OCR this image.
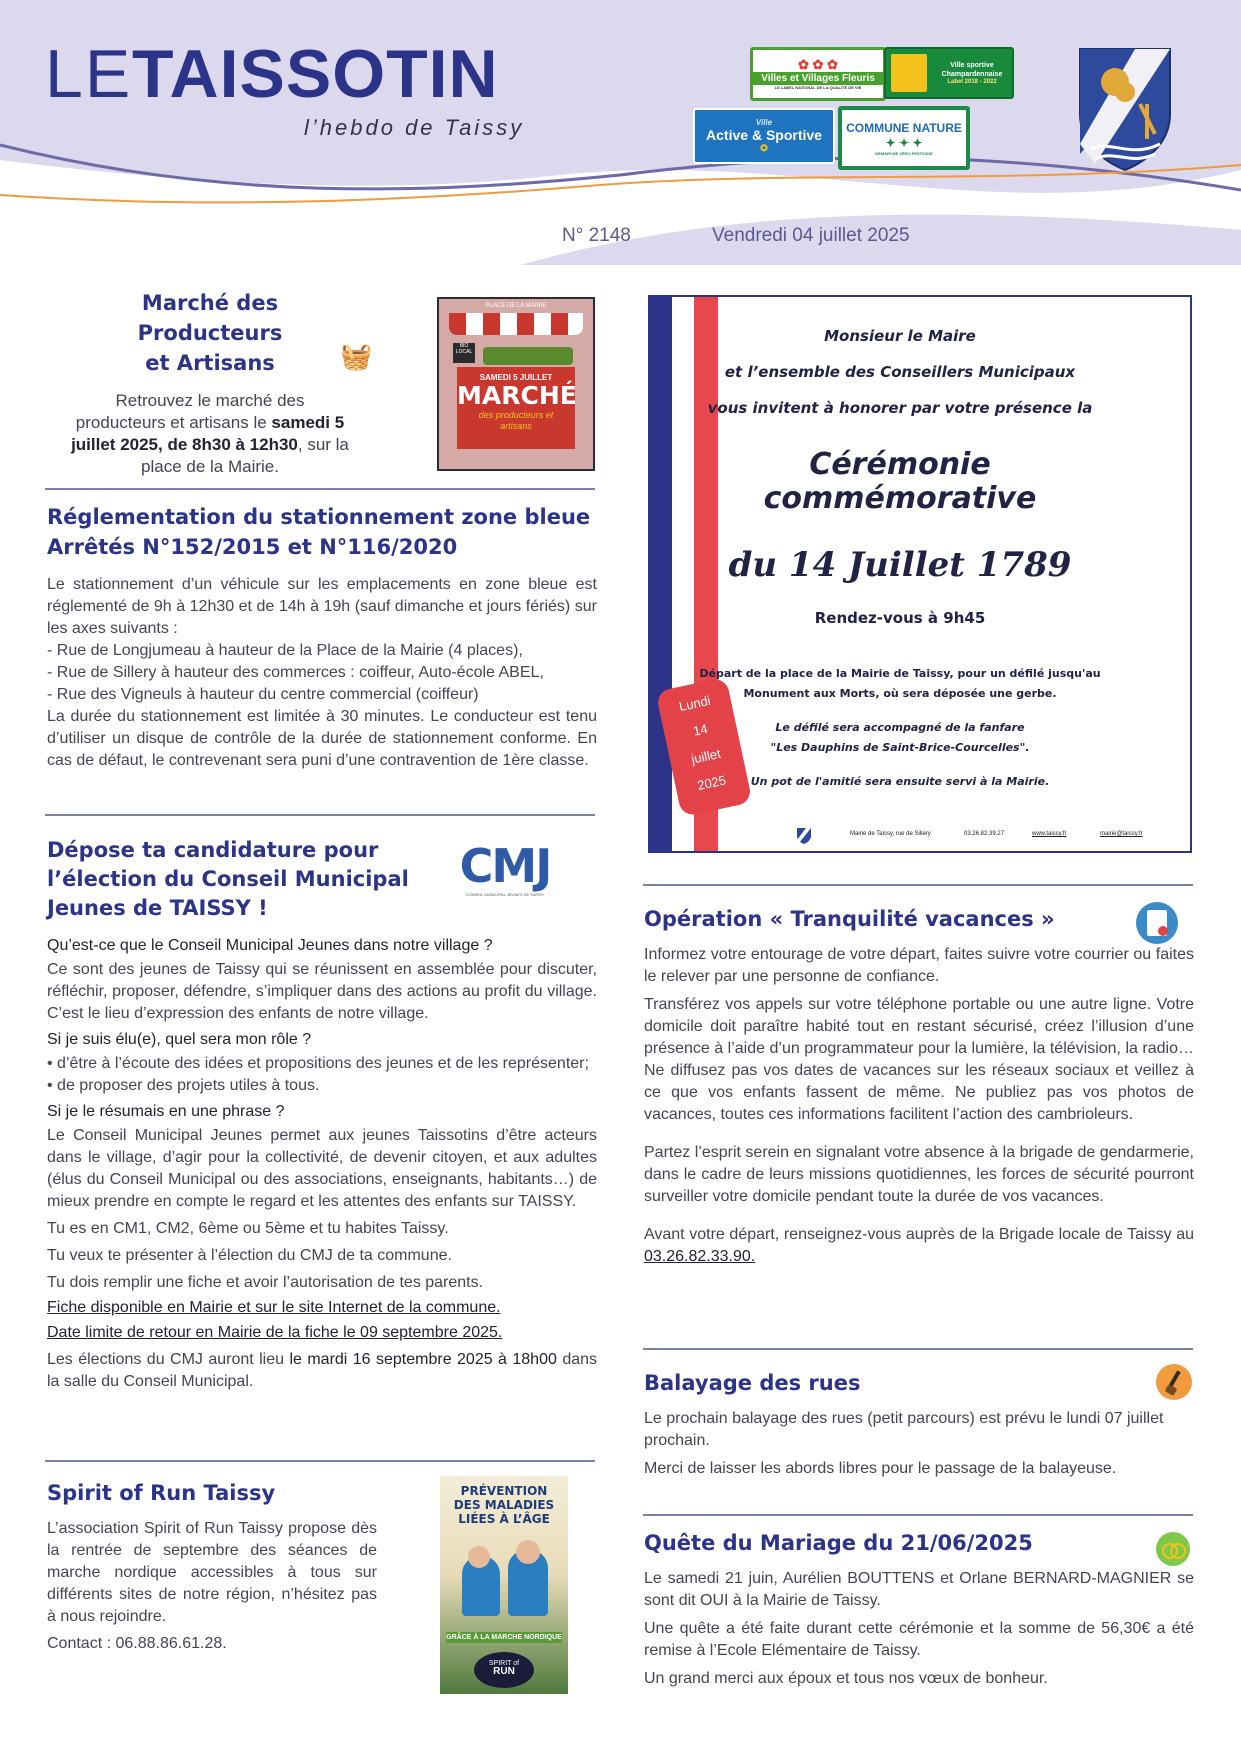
LE TAISSOTIN
l’hebdo de Taissy
N° 2148	Vendredi 04 juillet 2025
✿ ✿ ✿
Villes et Villages Fleuris
LE LABEL NATIONAL DE LA QUALITÉ DE VIE
Ville sportive Champardennaise
Label 2018 - 2022
Ville
Active & Sportive
✪
COMMUNE NATURE
✦ ✦ ✦
DÉMARCHE ZÉRO PESTICIDE
Marché des Producteurs
et Artisans

Retrouvez le marché des producteurs et artisans le samedi 5 juillet 2025, de 8h30 à 12h30, sur la place de la Mairie.

🧺
PLACE DE LA MAIRIE
BIO LOCAL
SAMEDI 5 JUILLET
MARCHÉ
des producteurs et artisans
Réglementation du stationnement zone bleue
Arrêtés N°152/2015 et N°116/2020

Le stationnement d’un véhicule sur les emplacements en zone bleue est réglementé de 9h à 12h30 et de 14h à 19h (sauf dimanche et jours fériés) sur les axes suivants :

- Rue de Longjumeau à hauteur de la Place de la Mairie (4 places),

- Rue de Sillery à hauteur des commerces : coiffeur, Auto-école ABEL,

- Rue des Vigneuls à hauteur du centre commercial (coiffeur)

La durée du stationnement est limitée à 30 minutes. Le conducteur est tenu d’utiliser un disque de contrôle de la durée de stationnement conforme. En cas de défaut, le contrevenant sera puni d’une contravention de 1ère classe.

Dépose ta candidature pour
l’élection du Conseil Municipal
Jeunes de TAISSY !

Qu’est-ce que le Conseil Municipal Jeunes dans notre village ?

Ce sont des jeunes de Taissy qui se réunissent en assemblée pour discuter, réfléchir, proposer, défendre, s’impliquer dans des actions au profit du village. C’est le lieu d’expression des enfants de notre village.

Si je suis élu(e), quel sera mon rôle ?

• d’être à l’écoute des idées et propositions des jeunes et de les représenter;

• de proposer des projets utiles à tous.

Si je le résumais en une phrase ?

Le Conseil Municipal Jeunes permet aux jeunes Taissotins d’être acteurs dans le village, d’agir pour la collectivité, de devenir citoyen, et aux adultes (élus du Conseil Municipal ou des associations, enseignants, habitants…) de mieux prendre en compte le regard et les attentes des enfants sur TAISSY.

Tu es en CM1, CM2, 6ème ou 5ème et tu habites Taissy.

Tu veux te présenter à l’élection du CMJ de ta commune.

Tu dois remplir une fiche et avoir l’autorisation de tes parents.

Fiche disponible en Mairie et sur le site Internet de la commune.

Date limite de retour en Mairie de la fiche le 09 septembre 2025.

Les élections du CMJ auront lieu le mardi 16 septembre 2025 à 18h00 dans la salle du Conseil Municipal.

CMJ
CONSEIL MUNICIPAL JEUNES DE TAISSY
Spirit of Run Taissy

L’association Spirit of Run Taissy propose dès la rentrée de septembre des séances de marche nordique accessibles à tous sur différents sites de notre région, n’hésitez pas à nous rejoindre.

Contact : 06.88.86.61.28.

PRÉVENTION DES MALADIES LIÉES À L’ÂGE
GRÂCE À LA MARCHE NORDIQUE
SPIRIT of
RUN
Monsieur le Maire
et l’ensemble des Conseillers Municipaux
vous invitent à honorer par votre présence la
Cérémonie
commémorative
du 14 Juillet 1789
Rendez-vous à 9h45
Départ de la place de la Mairie de Taissy, pour un défilé jusqu'au
Monument aux Morts, où sera déposée une gerbe.
Le défilé sera accompagné de la fanfare
"Les Dauphins de Saint-Brice-Courcelles".
Un pot de l'amitié sera ensuite servi à la Mairie.
Lundi
14
juillet
2025
Mairie de Taissy, rue de Sillery	03.26.82.39.27	www.taissy.fr	mairie@taissy.fr
Opération « Tranquilité vacances »

Informez votre entourage de votre départ, faites suivre votre courrier ou faites le relever par une personne de confiance.

Transférez vos appels sur votre téléphone portable ou une autre ligne. Votre domicile doit paraître habité tout en restant sécurisé, créez l’illusion d’une présence à l’aide d’un programmateur pour la lumière, la télévision, la radio… Ne diffusez pas vos dates de vacances sur les réseaux sociaux et veillez à ce que vos enfants fassent de même. Ne publiez pas vos photos de vacances, toutes ces informations facilitent l’action des cambrioleurs.

Partez l’esprit serein en signalant votre absence à la brigade de gendarmerie, dans le cadre de leurs missions quotidiennes, les forces de sécurité pourront surveiller votre domicile pendant toute la durée de vos vacances.

Avant votre départ, renseignez-vous auprès de la Brigade locale de Taissy au 03.26.82.33.90.

Balayage des rues

Le prochain balayage des rues (petit parcours) est prévu le lundi 07 juillet prochain.

Merci de laisser les abords libres pour le passage de la balayeuse.

Quête du Mariage du 21/06/2025

Le samedi 21 juin, Aurélien BOUTTENS et Orlane BERNARD-MAGNIER se sont dit OUI à la Mairie de Taissy.

Une quête a été faite durant cette cérémonie et la somme de 56,30€ a été remise à l’Ecole Elémentaire de Taissy.

Un grand merci aux époux et tous nos vœux de bonheur.
